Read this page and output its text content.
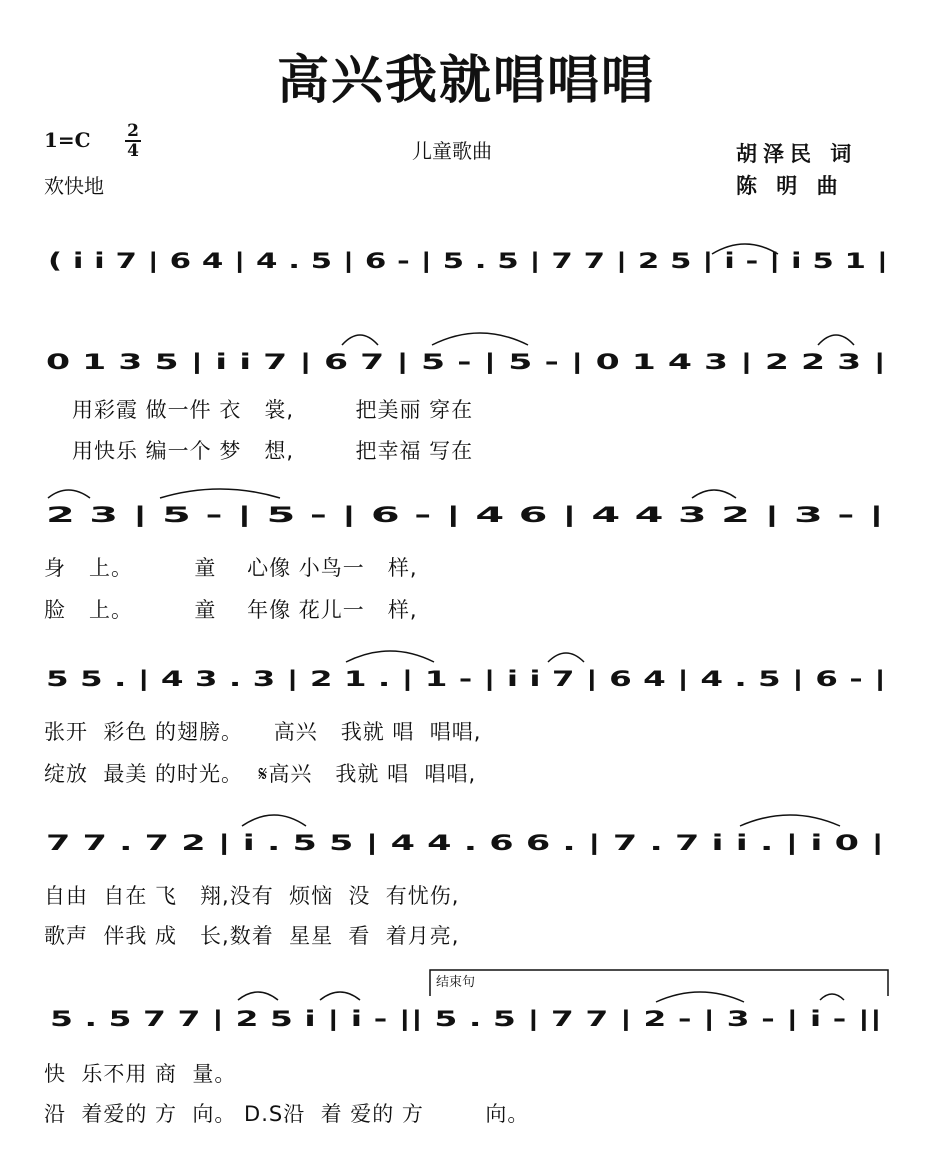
高兴我就唱唱唱
1=C 2
4
欢快地
儿童歌曲	胡泽民 词
陈 明 曲
( i i 7 | 6 4 | 4 . 5 | 6 - | 5 . 5 | 7 7 | 2 5 | i - | i 5 1 |
0 1 3 5 | i i 7 | 6 7 | 5 - | 5 - | 0 1 4 3 | 2 2 3 |
用彩霞 做一件 衣   裳,        把美丽 穿在
用快乐 编一个 梦   想,        把幸福 写在
2 3 | 5 - | 5 - | 6 - | 4 6 | 4 4 3 2 | 3 - |
身   上。        童    心像 小鸟一   样,
脸   上。        童    年像 花儿一   样,
5 5 . | 4 3 . 3 | 2 1 . | 1 - | i i 7 | 6 4 | 4 . 5 | 6 - |
张开  彩色 的翅膀。    高兴   我就 唱  唱唱,
绽放  最美 的时光。  𝄋高兴   我就 唱  唱唱,
7 7 . 7 2 | i . 5 5 | 4 4 . 6 6 . | 7 . 7 i i . | i 0 |
自由  自在 飞   翔,没有  烦恼  没  有忧伤,
歌声  伴我 成   长,数着  星星  看  着月亮,
结束句
5 . 5 7 7 | 2 5 i | i - || 5 . 5 | 7 7 | 2 - | 3 - | i - ||
快  乐不用 商  量。
沿  着爱的 方  向。 D.S沿  着 爱的 方        向。
